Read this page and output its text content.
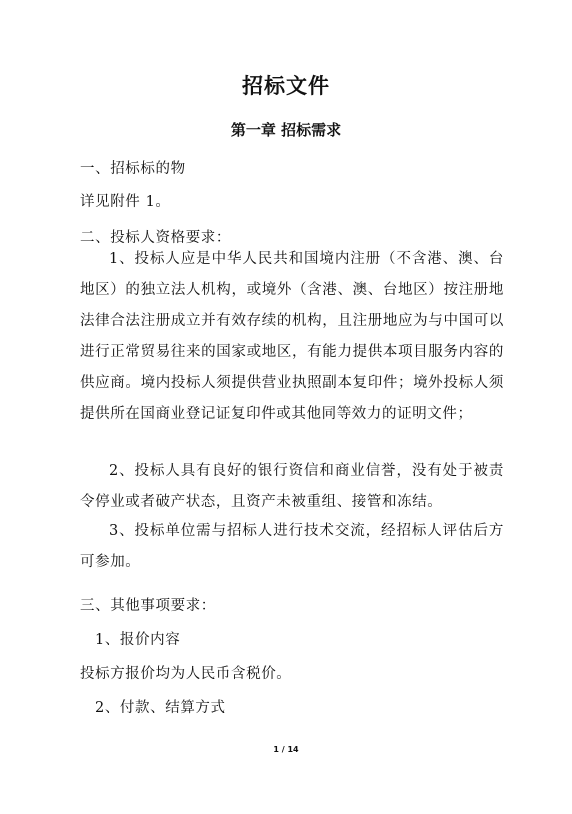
招标文件
第一章 招标需求
一、招标标的物
详见附件 1。
二、投标人资格要求：
1、投标人应是中华人民共和国境内注册（不含港、澳、台地区）的独立法人机构，或境外（含港、澳、台地区）按注册地法律合法注册成立并有效存续的机构，且注册地应为与中国可以进行正常贸易往来的国家或地区，有能力提供本项目服务内容的供应商。境内投标人须提供营业执照副本复印件；境外投标人须提供所在国商业登记证复印件或其他同等效力的证明文件；
2、投标人具有良好的银行资信和商业信誉，没有处于被责令停业或者破产状态，且资产未被重组、接管和冻结。
3、投标单位需与招标人进行技术交流，经招标人评估后方可参加。
三、其他事项要求：
1、报价内容
投标方报价均为人民币含税价。
2、付款、结算方式
1 / 14
